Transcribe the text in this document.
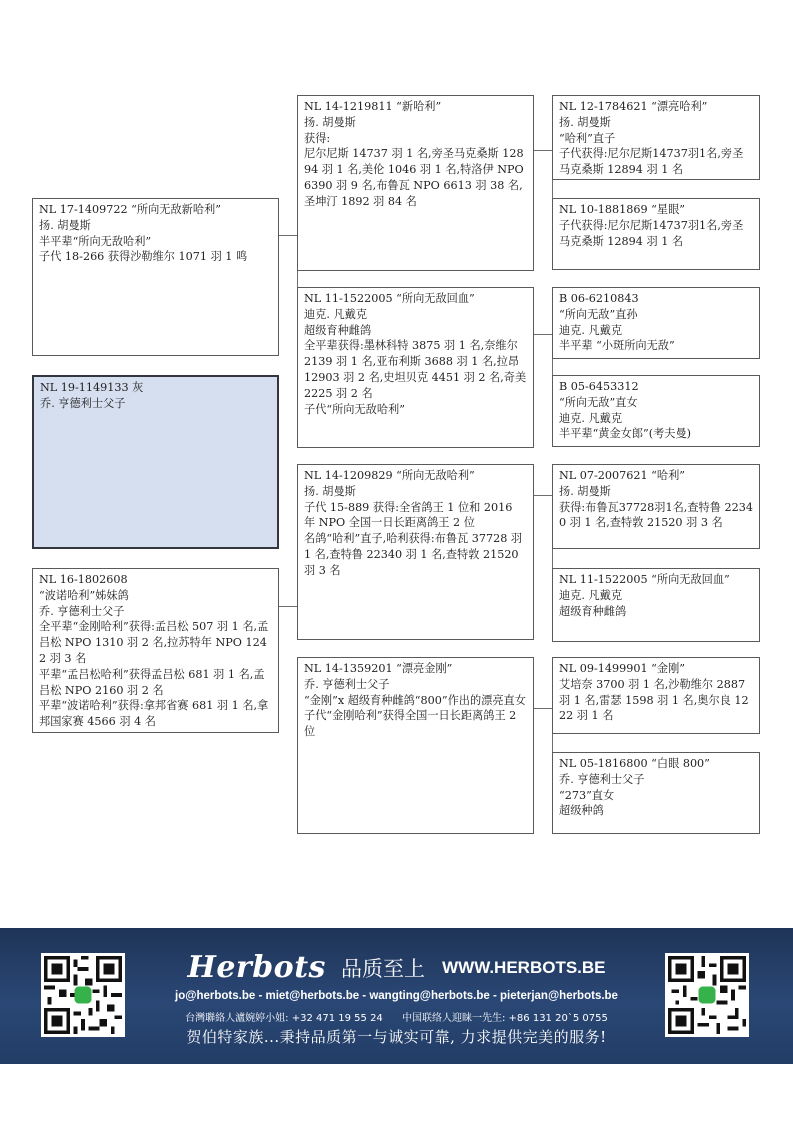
NL 17-1409722 “所向无敌新哈利”
扬. 胡曼斯
半平辈“所向无敌哈利”
子代 18-266 获得沙勒维尔 1071 羽 1 鸣
NL 19-1149133 灰
乔. 亨德利士父子
NL 16-1802608
“波诺哈利”姊妹鸽
乔. 亨德利士父子
全平辈“金刚哈利”获得:孟吕松 507 羽 1 名,孟吕松 NPO 1310 羽 2 名,拉苏特年 NPO 1242 羽 3 名
平辈“孟吕松哈利”获得孟吕松 681 羽 1 名,孟吕松 NPO 2160 羽 2 名
平辈“波诺哈利”获得:拿邦省赛 681 羽 1 名,拿邦国家赛 4566 羽 4 名
NL 14-1219811 “新哈利”
扬. 胡曼斯
获得:
尼尔尼斯 14737 羽 1 名,旁圣马克桑斯 12894 羽 1 名,美伦 1046 羽 1 名,特洛伊 NPO 6390 羽 9 名,布鲁瓦 NPO 6613 羽 38 名,圣坤汀 1892 羽 84 名
NL 11-1522005 “所向无敌回血”
迪克. 凡戴克
超级育种雌鸽
全平辈获得:墨林科特 3875 羽 1 名,奈维尔 2139 羽 1 名,亚布利斯 3688 羽 1 名,拉昂 12903 羽 2 名,史坦贝克 4451 羽 2 名,奇美 2225 羽 2 名
子代“所向无敌哈利”
NL 14-1209829 “所向无敌哈利”
扬. 胡曼斯
子代 15-889 获得:全省鸽王 1 位和 2016 年 NPO 全国一日长距离鸽王 2 位
名鸽“哈利”直子,哈利获得:布鲁瓦 37728 羽 1 名,查特鲁 22340 羽 1 名,查特敦 21520 羽 3 名
NL 14-1359201 “漂亮金刚”
乔. 亨德利士父子
“金刚”x 超级育种雌鸽“800”作出的漂亮直女
子代“金刚哈利”获得全国一日长距离鸽王 2 位
NL 12-1784621 “漂亮哈利”
扬. 胡曼斯
“哈利”直子
子代获得:尼尔尼斯14737羽1名,旁圣马克桑斯 12894 羽 1 名
NL 10-1881869 “星眼”
子代获得:尼尔尼斯14737羽1名,旁圣马克桑斯 12894 羽 1 名
B 06-6210843
“所向无敌”直孙
迪克. 凡戴克
半平辈 “小斑所向无敌”
B 05-6453312
“所向无敌”直女
迪克. 凡戴克
半平辈“黄金女郎”(考夫曼)
NL 07-2007621 “哈利”
扬. 胡曼斯
获得:布鲁瓦37728羽1名,查特鲁 22340 羽 1 名,查特敦 21520 羽 3 名
NL 11-1522005 “所向无敌回血”
迪克. 凡戴克
超级育种雌鸽
NL 09-1499901 “金刚”
艾培奈 3700 羽 1 名,沙勒维尔 2887 羽 1 名,雷瑟 1598 羽 1 名,奥尔良 1222 羽 1 名
NL 05-1816800 “白眼 800”
乔. 亨德利士父子
“273”直女
超级种鸽
Herbots 品质至上 WWW.HERBOTS.BE
jo@herbots.be - miet@herbots.be - wangting@herbots.be - pieterjan@herbots.be
台灣聯絡人瀘婉婷小姐: +32 471 19 55 24 中国联络人迎睐一先生: +86 131 20`5 0755
贺伯特家族...秉持品质第一与诚实可靠, 力求提供完美的服务!
